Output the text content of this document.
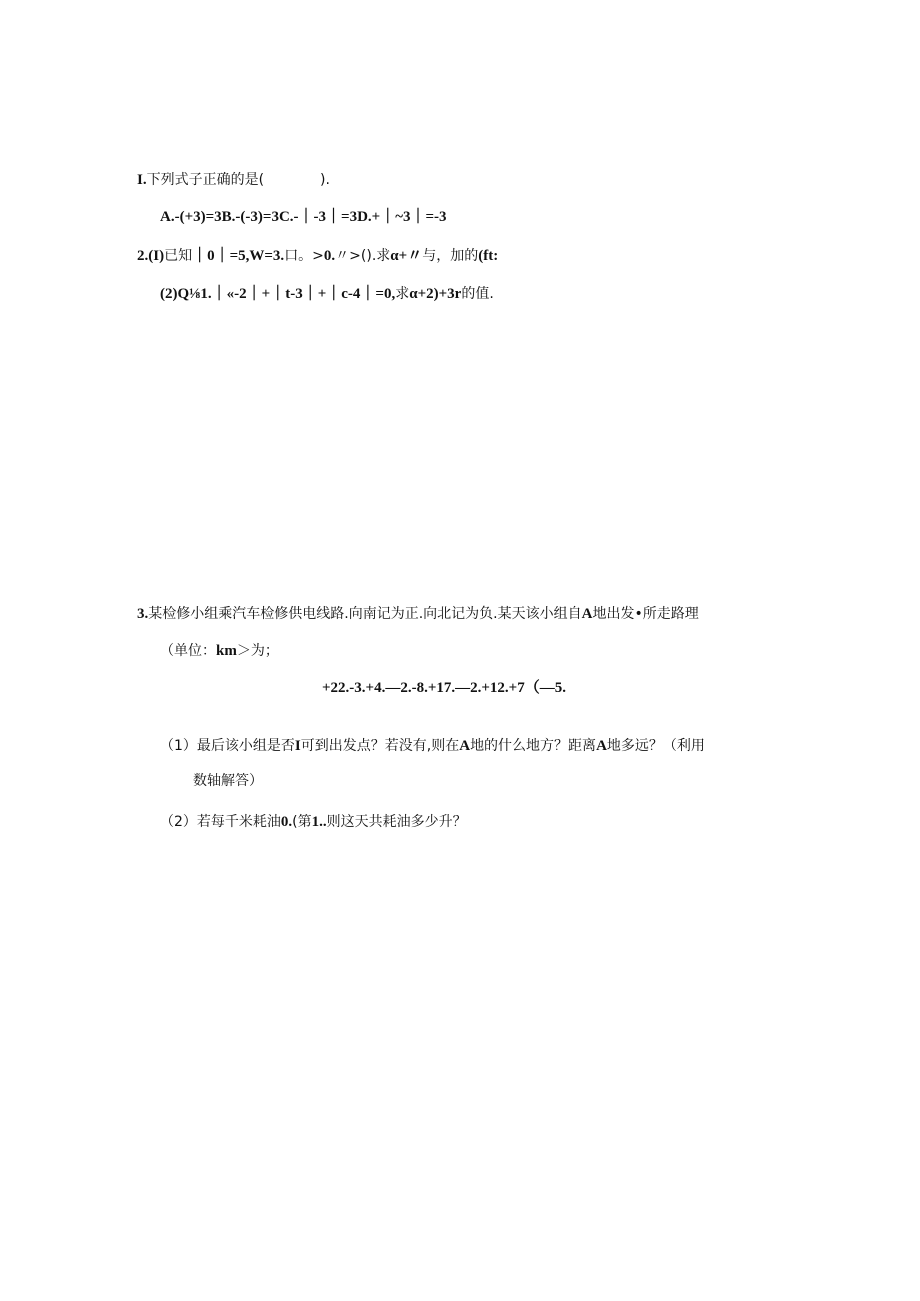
I.下列式子正确的是(　　　　).
A.-(+3)=3B.-(-3)=3C.-｜-3｜=3D.+｜~3｜=-3
2.(I)已知｜0｜=5,W=3.口。>0.〃>().求α+〃与，加的(ft:
(2)Q⅛1.｜«-2｜+｜t-3｜+｜c-4｜=0,求α+2)+3r的值.
3.某检修小组乘汽车检修供电线路.向南记为正.向北记为负.某天该小组自A地出发•所走路理
（单位：km＞为；
+22.-3.+4.—2.-8.+17.—2.+12.+7（—5.
（1）最后该小组是否I可到出发点？若没有,则在A地的什么地方？距离A地多远？（利用
数轴解答）
（2）若每千米耗油0.(第1..则这天共耗油多少升？
